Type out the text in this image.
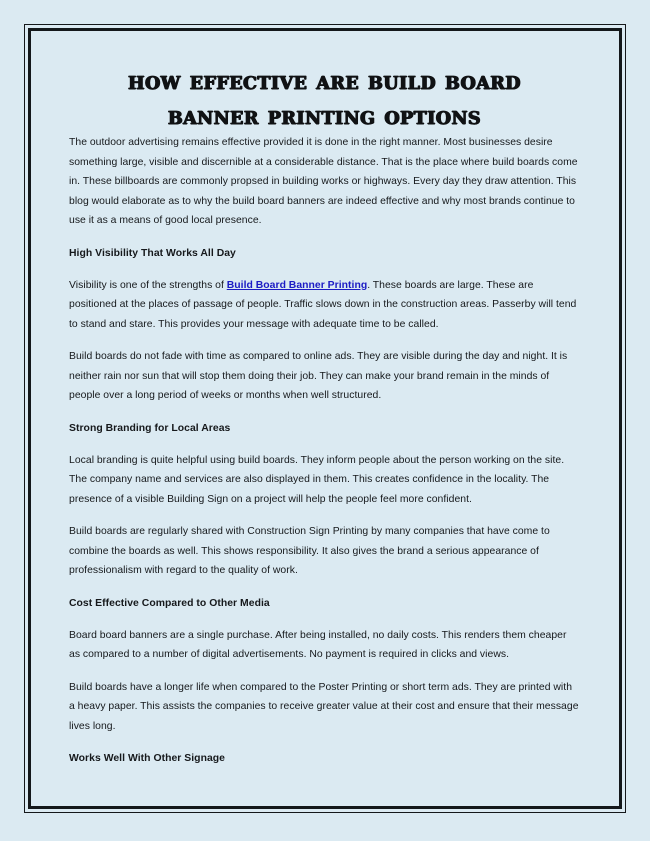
how effective are build board
banner printing options

The outdoor advertising remains effective provided it is done in the right manner. Most businesses desire something large, visible and discernible at a considerable distance. That is the place where build boards come in. These billboards are commonly propsed in building works or highways. Every day they draw attention. This blog would elaborate as to why the build board banners are indeed effective and why most brands continue to use it as a means of good local presence.

High Visibility That Works All Day

Visibility is one of the strengths of Build Board Banner Printing. These boards are large. These are positioned at the places of passage of people. Traffic slows down in the construction areas. Passerby will tend to stand and stare. This provides your message with adequate time to be called.

Build boards do not fade with time as compared to online ads. They are visible during the day and night. It is neither rain nor sun that will stop them doing their job. They can make your brand remain in the minds of people over a long period of weeks or months when well structured.

Strong Branding for Local Areas

Local branding is quite helpful using build boards. They inform people about the person working on the site. The company name and services are also displayed in them. This creates confidence in the locality. The presence of a visible Building Sign on a project will help the people feel more confident.

Build boards are regularly shared with Construction Sign Printing by many companies that have come to combine the boards as well. This shows responsibility. It also gives the brand a serious appearance of professionalism with regard to the quality of work.

Cost Effective Compared to Other Media

Board board banners are a single purchase. After being installed, no daily costs. This renders them cheaper as compared to a number of digital advertisements. No payment is required in clicks and views.

Build boards have a longer life when compared to the Poster Printing or short term ads. They are printed with a heavy paper. This assists the companies to receive greater value at their cost and ensure that their message lives long.

Works Well With Other Signage
